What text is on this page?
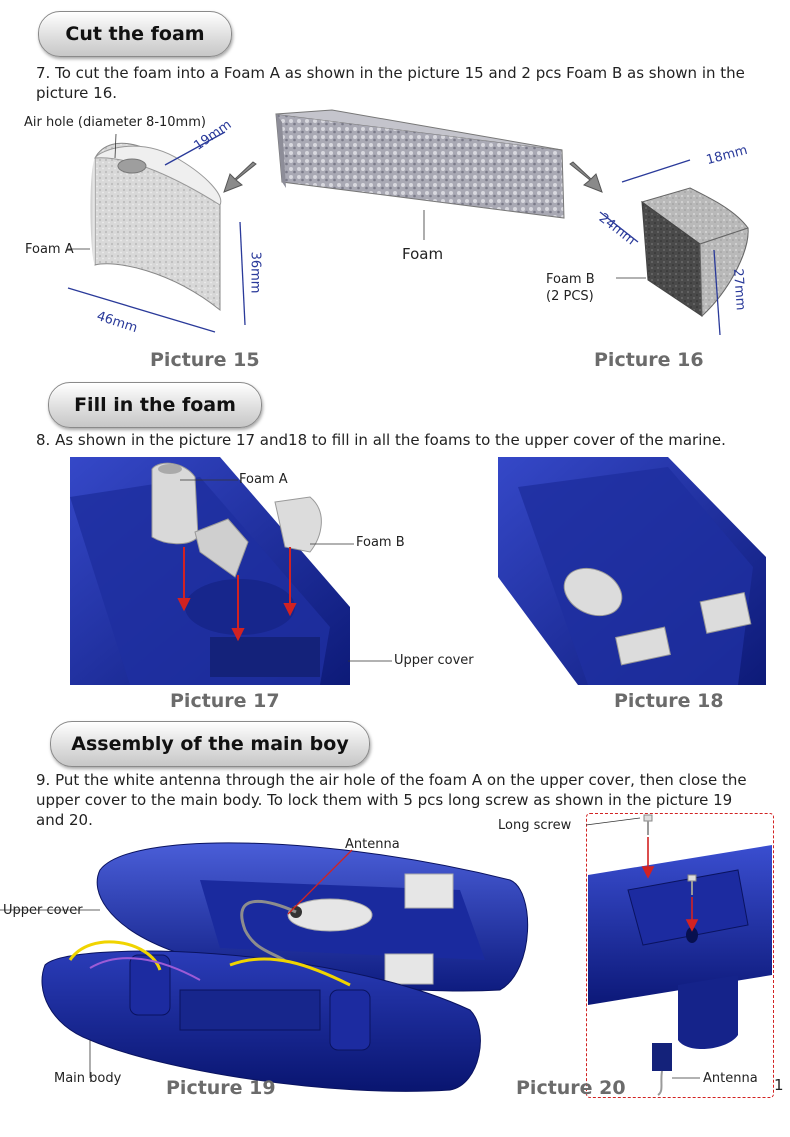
Cut the foam
7. To cut the foam into a Foam A as shown in the picture 15 and 2 pcs Foam B as shown in the picture 16.
Air hole (diameter 8-10mm)
Foam A
19mm
36mm
46mm
Picture 15
Foam
18mm
24mm
27mm
Foam B
(2 PCS)
Picture 16
Fill in the foam
8. As shown in the picture 17 and18 to fill in all the foams to the upper cover of the marine.
Foam A
Foam B
Upper cover
Picture 17	Picture 18
Assembly of the main boy
9. Put the white antenna through the air hole of the foam A on the upper cover, then close the upper cover to the main body. To lock them with 5 pcs long screw as shown in the picture 19 and 20.
Antenna
Upper cover
Main body Picture 19
Long screw
Antenna
Picture 20	1
